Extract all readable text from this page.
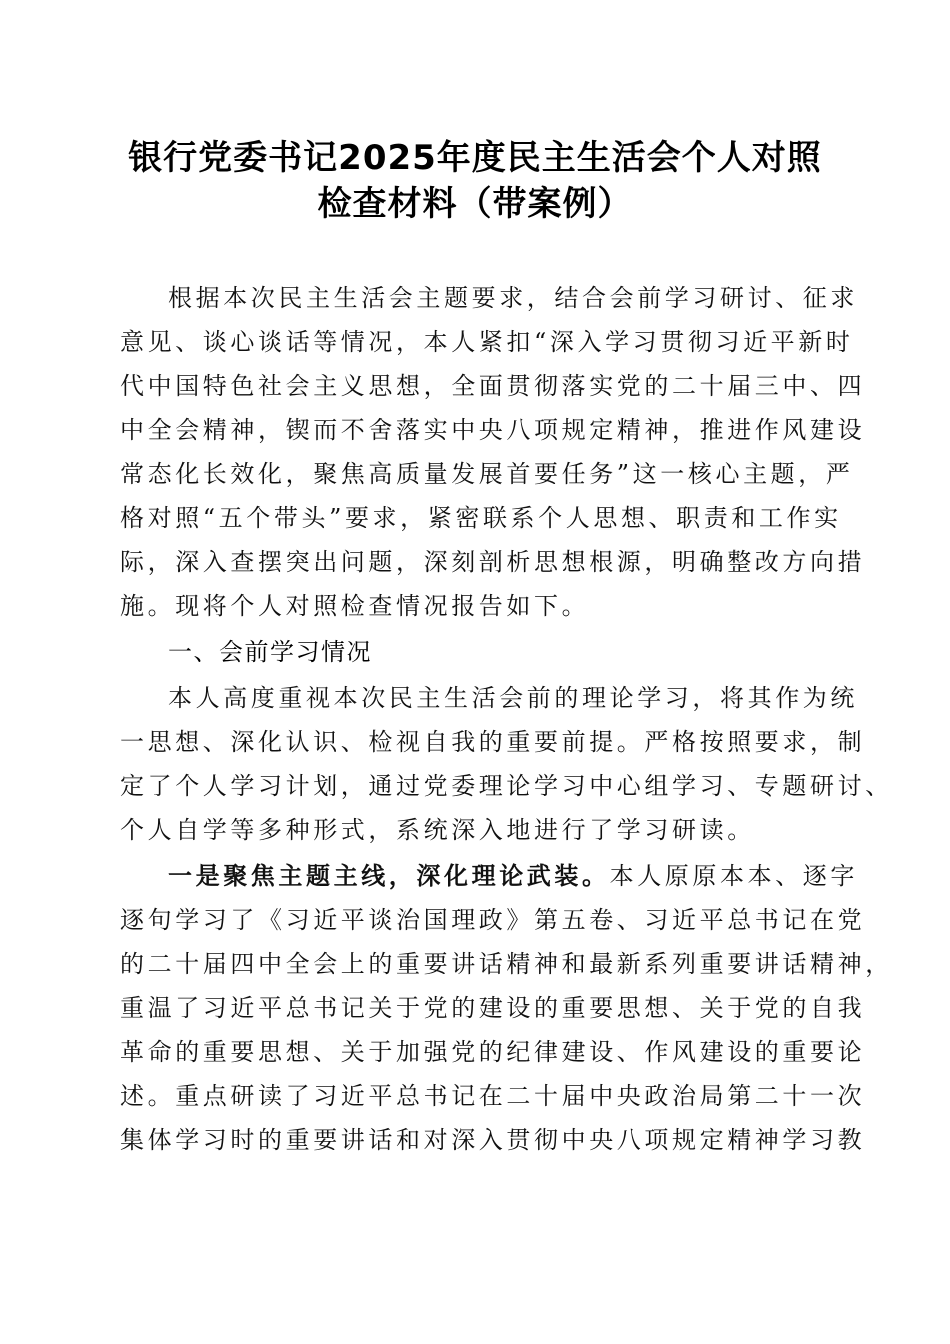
银行党委书记2025年度民主生活会个人对照
检查材料（带案例）
根据本次民主生活会主题要求，结合会前学习研讨、征求
意见、谈心谈话等情况，本人紧扣“深入学习贯彻习近平新时
代中国特色社会主义思想，全面贯彻落实党的二十届三中、四
中全会精神，锲而不舍落实中央八项规定精神，推进作风建设
常态化长效化，聚焦高质量发展首要任务”这一核心主题，严
格对照“五个带头”要求，紧密联系个人思想、职责和工作实
际，深入查摆突出问题，深刻剖析思想根源，明确整改方向措
施。现将个人对照检查情况报告如下。
一、会前学习情况
本人高度重视本次民主生活会前的理论学习，将其作为统
一思想、深化认识、检视自我的重要前提。严格按照要求，制
定了个人学习计划，通过党委理论学习中心组学习、专题研讨、
个人自学等多种形式，系统深入地进行了学习研读。
一是聚焦主题主线，深化理论武装。本人原原本本、逐字
逐句学习了《习近平谈治国理政》第五卷、习近平总书记在党
的二十届四中全会上的重要讲话精神和最新系列重要讲话精神，
重温了习近平总书记关于党的建设的重要思想、关于党的自我
革命的重要思想、关于加强党的纪律建设、作风建设的重要论
述。重点研读了习近平总书记在二十届中央政治局第二十一次
集体学习时的重要讲话和对深入贯彻中央八项规定精神学习教
